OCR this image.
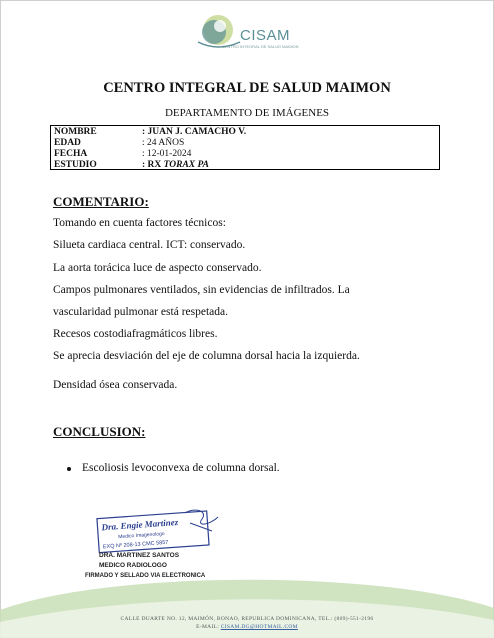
CISAM
CENTRO INTEGRAL DE SALUD MAIMON
CENTRO INTEGRAL DE SALUD MAIMON
DEPARTAMENTO DE IMÁGENES
NOMBRE	: JUAN J. CAMACHO V.
EDAD	: 24 AÑOS
FECHA	: 12-01-2024
ESTUDIO	: RX TORAX PA
COMENTARIO:
Tomando en cuenta factores técnicos:
Silueta cardiaca central. ICT: conservado.
La aorta torácica luce de aspecto conservado.
Campos pulmonares ventilados, sin evidencias de infiltrados. La
vascularidad pulmonar está respetada.
Recesos costodiafragmáticos libres.
Se aprecia desviación del eje de columna dorsal hacia la izquierda.
Densidad ósea conservada.
CONCLUSION:
Escoliosis levoconvexa de columna dorsal.
Dra. Engie Martinez
Medico Imagenologo
EXQ Nº 208-13 CMC 5857
DRA. MARTINEZ SANTOS
MEDICO RADIOLOGO
FIRMADO Y SELLADO VIA ELECTRONICA
CALLE DUARTE NO. 12, MAIMÓN, BONAO, REPUBLICA DOMINICANA, TEL.: (809)-551-2196
E-MAIL: CISAM.DG@HOTMAIL.COM
